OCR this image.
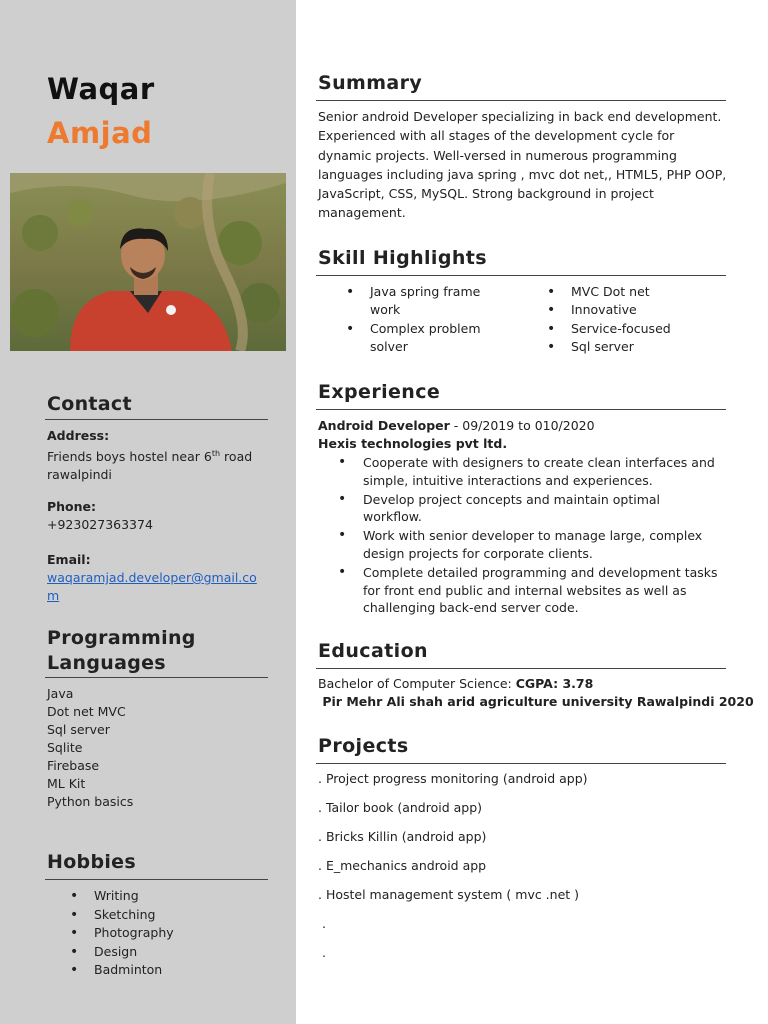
Waqar
Amjad
Contact
Address:
Friends boys hostel near 6th road
rawalpindi
Phone:
+923027363374
Email:
waqaramjad.developer@gmail.com
Programming
Languages
Java
Dot net MVC
Sql server
Sqlite
Firebase
ML Kit
Python basics
Hobbies
• Writing
• Sketching
• Photography
• Design
• Badminton
Summary
Senior android Developer specializing in back end development.
Experienced with all stages of the development cycle for
dynamic projects. Well-versed in numerous programming
languages including java spring , mvc dot net,, HTML5, PHP OOP,
JavaScript, CSS, MySQL. Strong background in project
management.
Skill Highlights
• Java spring frame
work
• Complex problem
solver
• MVC Dot net
• Innovative
• Service-focused
• Sql server
Experience
Android Developer - 09/2019 to 010/2020
Hexis technologies pvt ltd.
• Cooperate with designers to create clean interfaces and
simple, intuitive interactions and experiences.
• Develop project concepts and maintain optimal
workflow.
• Work with senior developer to manage large, complex
design projects for corporate clients.
• Complete detailed programming and development tasks
for front end public and internal websites as well as
challenging back-end server code.
Education
Bachelor of Computer Science: CGPA: 3.78
Pir Mehr Ali shah arid agriculture university Rawalpindi 2020
Projects
. Project progress monitoring (android app)
. Tailor book (android app)
. Bricks Killin (android app)
. E_mechanics android app
. Hostel management system ( mvc .net )
.
.
